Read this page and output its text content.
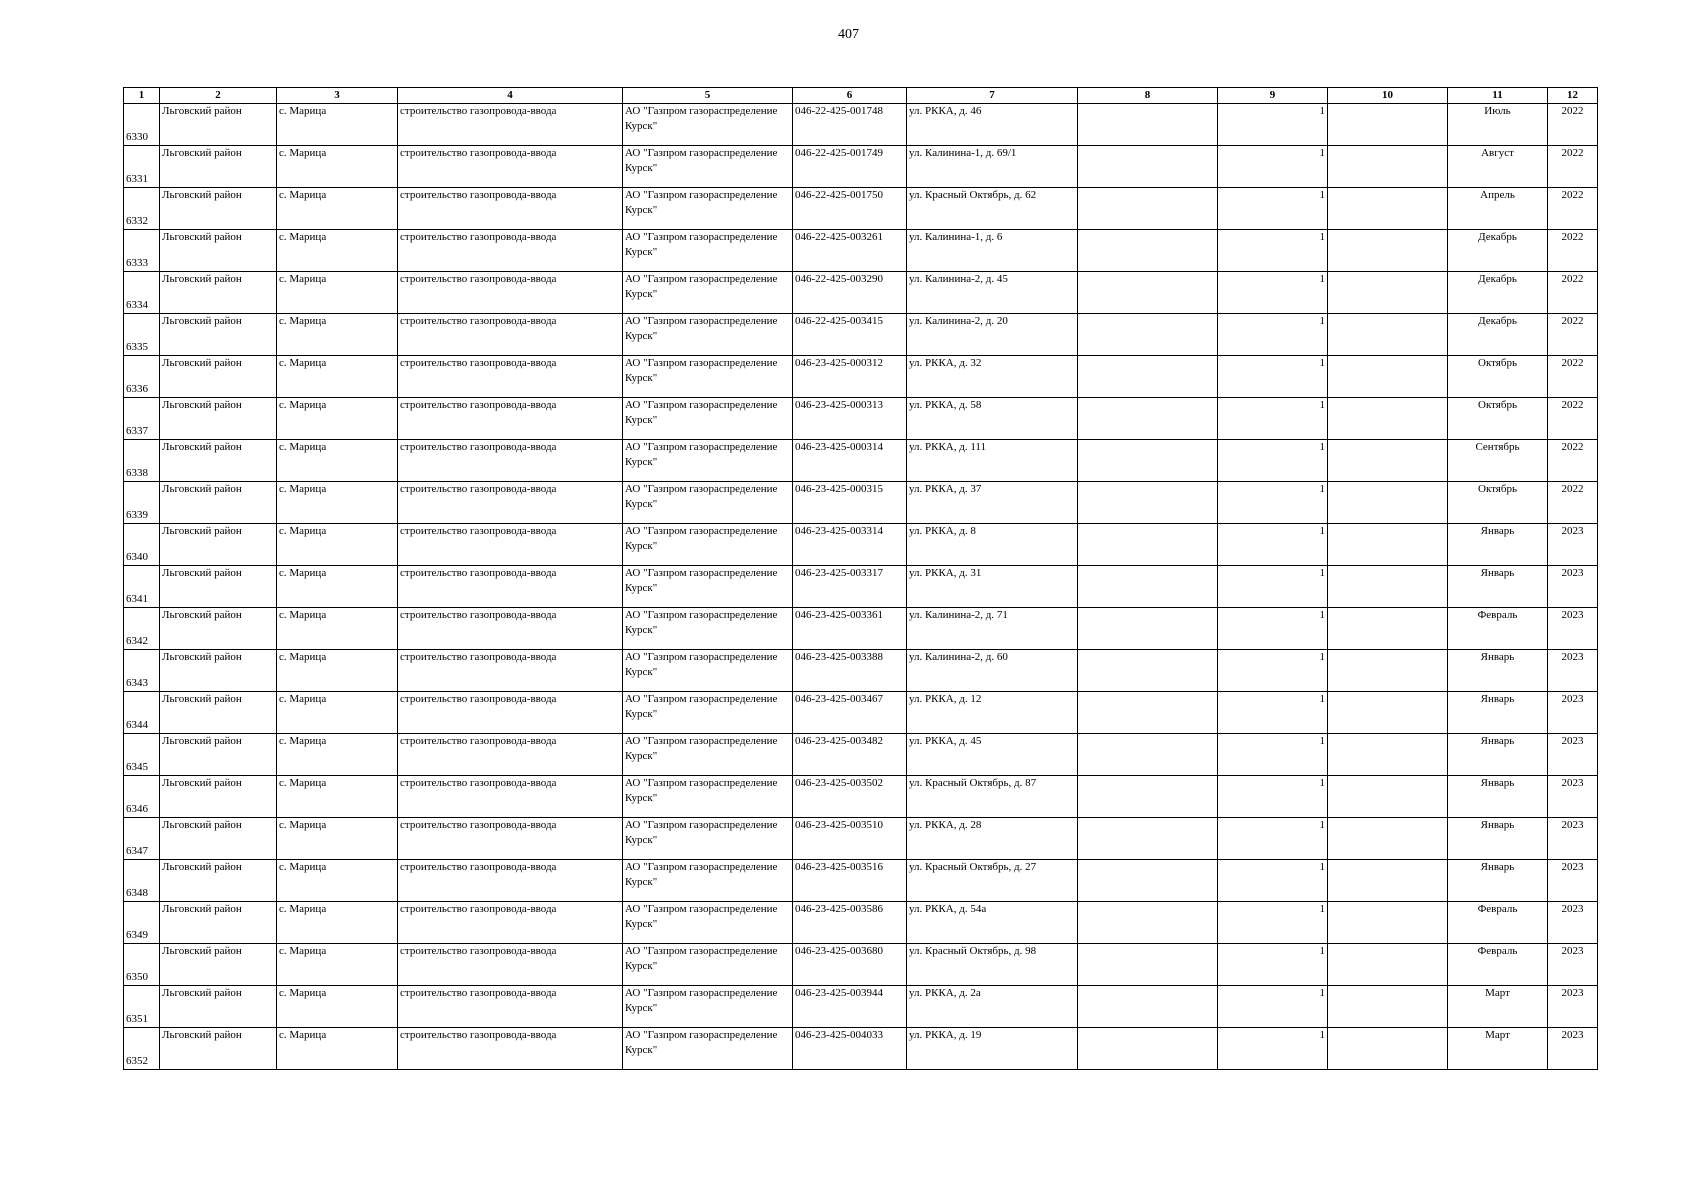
407
1	2	3	4	5	6	7	8	9	10	11	12
6330	Льговский район	с. Марица	строительство газопровода-ввода	АО "Газпром газораспределение Курск"	046-22-425-001748	ул. РККА, д. 46		1		Июль	2022
6331	Льговский район	с. Марица	строительство газопровода-ввода	АО "Газпром газораспределение Курск"	046-22-425-001749	ул. Калинина-1, д. 69/1		1		Август	2022
6332	Льговский район	с. Марица	строительство газопровода-ввода	АО "Газпром газораспределение Курск"	046-22-425-001750	ул. Красный Октябрь, д. 62		1		Апрель	2022
6333	Льговский район	с. Марица	строительство газопровода-ввода	АО "Газпром газораспределение Курск"	046-22-425-003261	ул. Калинина-1, д. 6		1		Декабрь	2022
6334	Льговский район	с. Марица	строительство газопровода-ввода	АО "Газпром газораспределение Курск"	046-22-425-003290	ул. Калинина-2, д. 45		1		Декабрь	2022
6335	Льговский район	с. Марица	строительство газопровода-ввода	АО "Газпром газораспределение Курск"	046-22-425-003415	ул. Калинина-2, д. 20		1		Декабрь	2022
6336	Льговский район	с. Марица	строительство газопровода-ввода	АО "Газпром газораспределение Курск"	046-23-425-000312	ул. РККА, д. 32		1		Октябрь	2022
6337	Льговский район	с. Марица	строительство газопровода-ввода	АО "Газпром газораспределение Курск"	046-23-425-000313	ул. РККА, д. 58		1		Октябрь	2022
6338	Льговский район	с. Марица	строительство газопровода-ввода	АО "Газпром газораспределение Курск"	046-23-425-000314	ул. РККА, д. 111		1		Сентябрь	2022
6339	Льговский район	с. Марица	строительство газопровода-ввода	АО "Газпром газораспределение Курск"	046-23-425-000315	ул. РККА, д. 37		1		Октябрь	2022
6340	Льговский район	с. Марица	строительство газопровода-ввода	АО "Газпром газораспределение Курск"	046-23-425-003314	ул. РККА, д. 8		1		Январь	2023
6341	Льговский район	с. Марица	строительство газопровода-ввода	АО "Газпром газораспределение Курск"	046-23-425-003317	ул. РККА, д. 31		1		Январь	2023
6342	Льговский район	с. Марица	строительство газопровода-ввода	АО "Газпром газораспределение Курск"	046-23-425-003361	ул. Калинина-2, д. 71		1		Февраль	2023
6343	Льговский район	с. Марица	строительство газопровода-ввода	АО "Газпром газораспределение Курск"	046-23-425-003388	ул. Калинина-2, д. 60		1		Январь	2023
6344	Льговский район	с. Марица	строительство газопровода-ввода	АО "Газпром газораспределение Курск"	046-23-425-003467	ул. РККА, д. 12		1		Январь	2023
6345	Льговский район	с. Марица	строительство газопровода-ввода	АО "Газпром газораспределение Курск"	046-23-425-003482	ул. РККА, д. 45		1		Январь	2023
6346	Льговский район	с. Марица	строительство газопровода-ввода	АО "Газпром газораспределение Курск"	046-23-425-003502	ул. Красный Октябрь, д. 87		1		Январь	2023
6347	Льговский район	с. Марица	строительство газопровода-ввода	АО "Газпром газораспределение Курск"	046-23-425-003510	ул. РККА, д. 28		1		Январь	2023
6348	Льговский район	с. Марица	строительство газопровода-ввода	АО "Газпром газораспределение Курск"	046-23-425-003516	ул. Красный Октябрь, д. 27		1		Январь	2023
6349	Льговский район	с. Марица	строительство газопровода-ввода	АО "Газпром газораспределение Курск"	046-23-425-003586	ул. РККА, д. 54а		1		Февраль	2023
6350	Льговский район	с. Марица	строительство газопровода-ввода	АО "Газпром газораспределение Курск"	046-23-425-003680	ул. Красный Октябрь, д. 98		1		Февраль	2023
6351	Льговский район	с. Марица	строительство газопровода-ввода	АО "Газпром газораспределение Курск"	046-23-425-003944	ул. РККА, д. 2а		1		Март	2023
6352	Льговский район	с. Марица	строительство газопровода-ввода	АО "Газпром газораспределение Курск"	046-23-425-004033	ул. РККА, д. 19		1		Март	2023
